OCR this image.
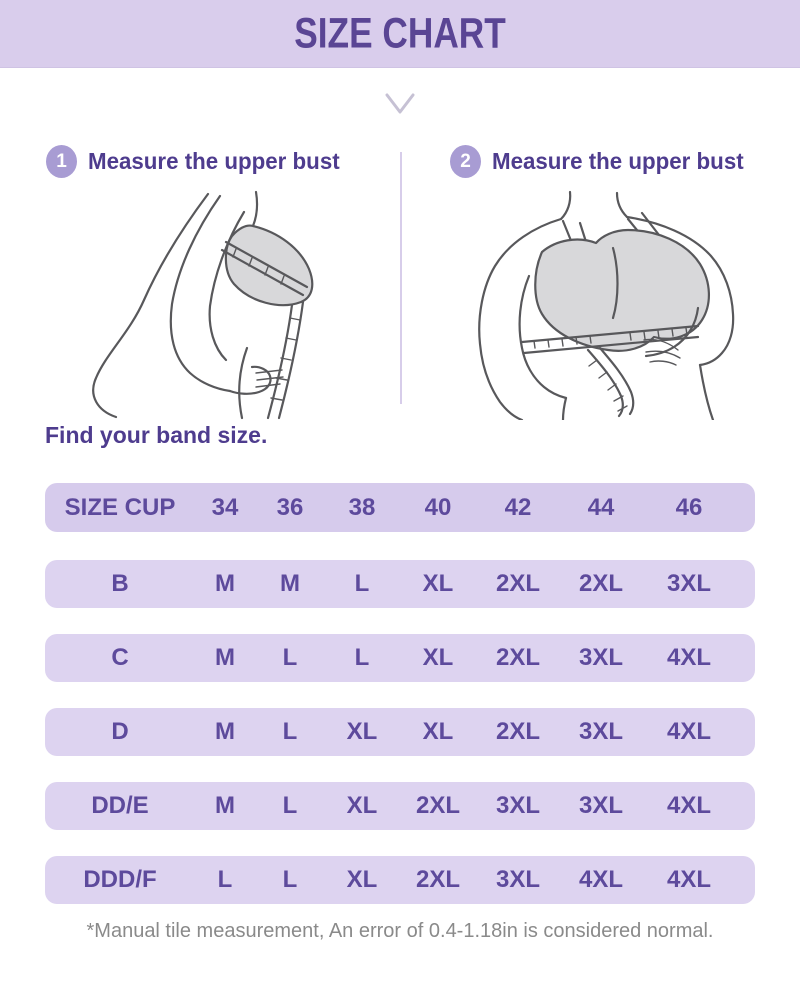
SIZE CHART
1 Measure the upper bust	2 Measure the upper bust
Find your band size.
SIZE CUP	34	36	38	40	42	44	46
B	M	M	L	XL	2XL	2XL	3XL
C	M	L	L	XL	2XL	3XL	4XL
D	M	L	XL	XL	2XL	3XL	4XL
DD/E	M	L	XL	2XL	3XL	3XL	4XL
DDD/F	L	L	XL	2XL	3XL	4XL	4XL

*Manual tile measurement, An error of 0.4-1.18in is considered normal.
